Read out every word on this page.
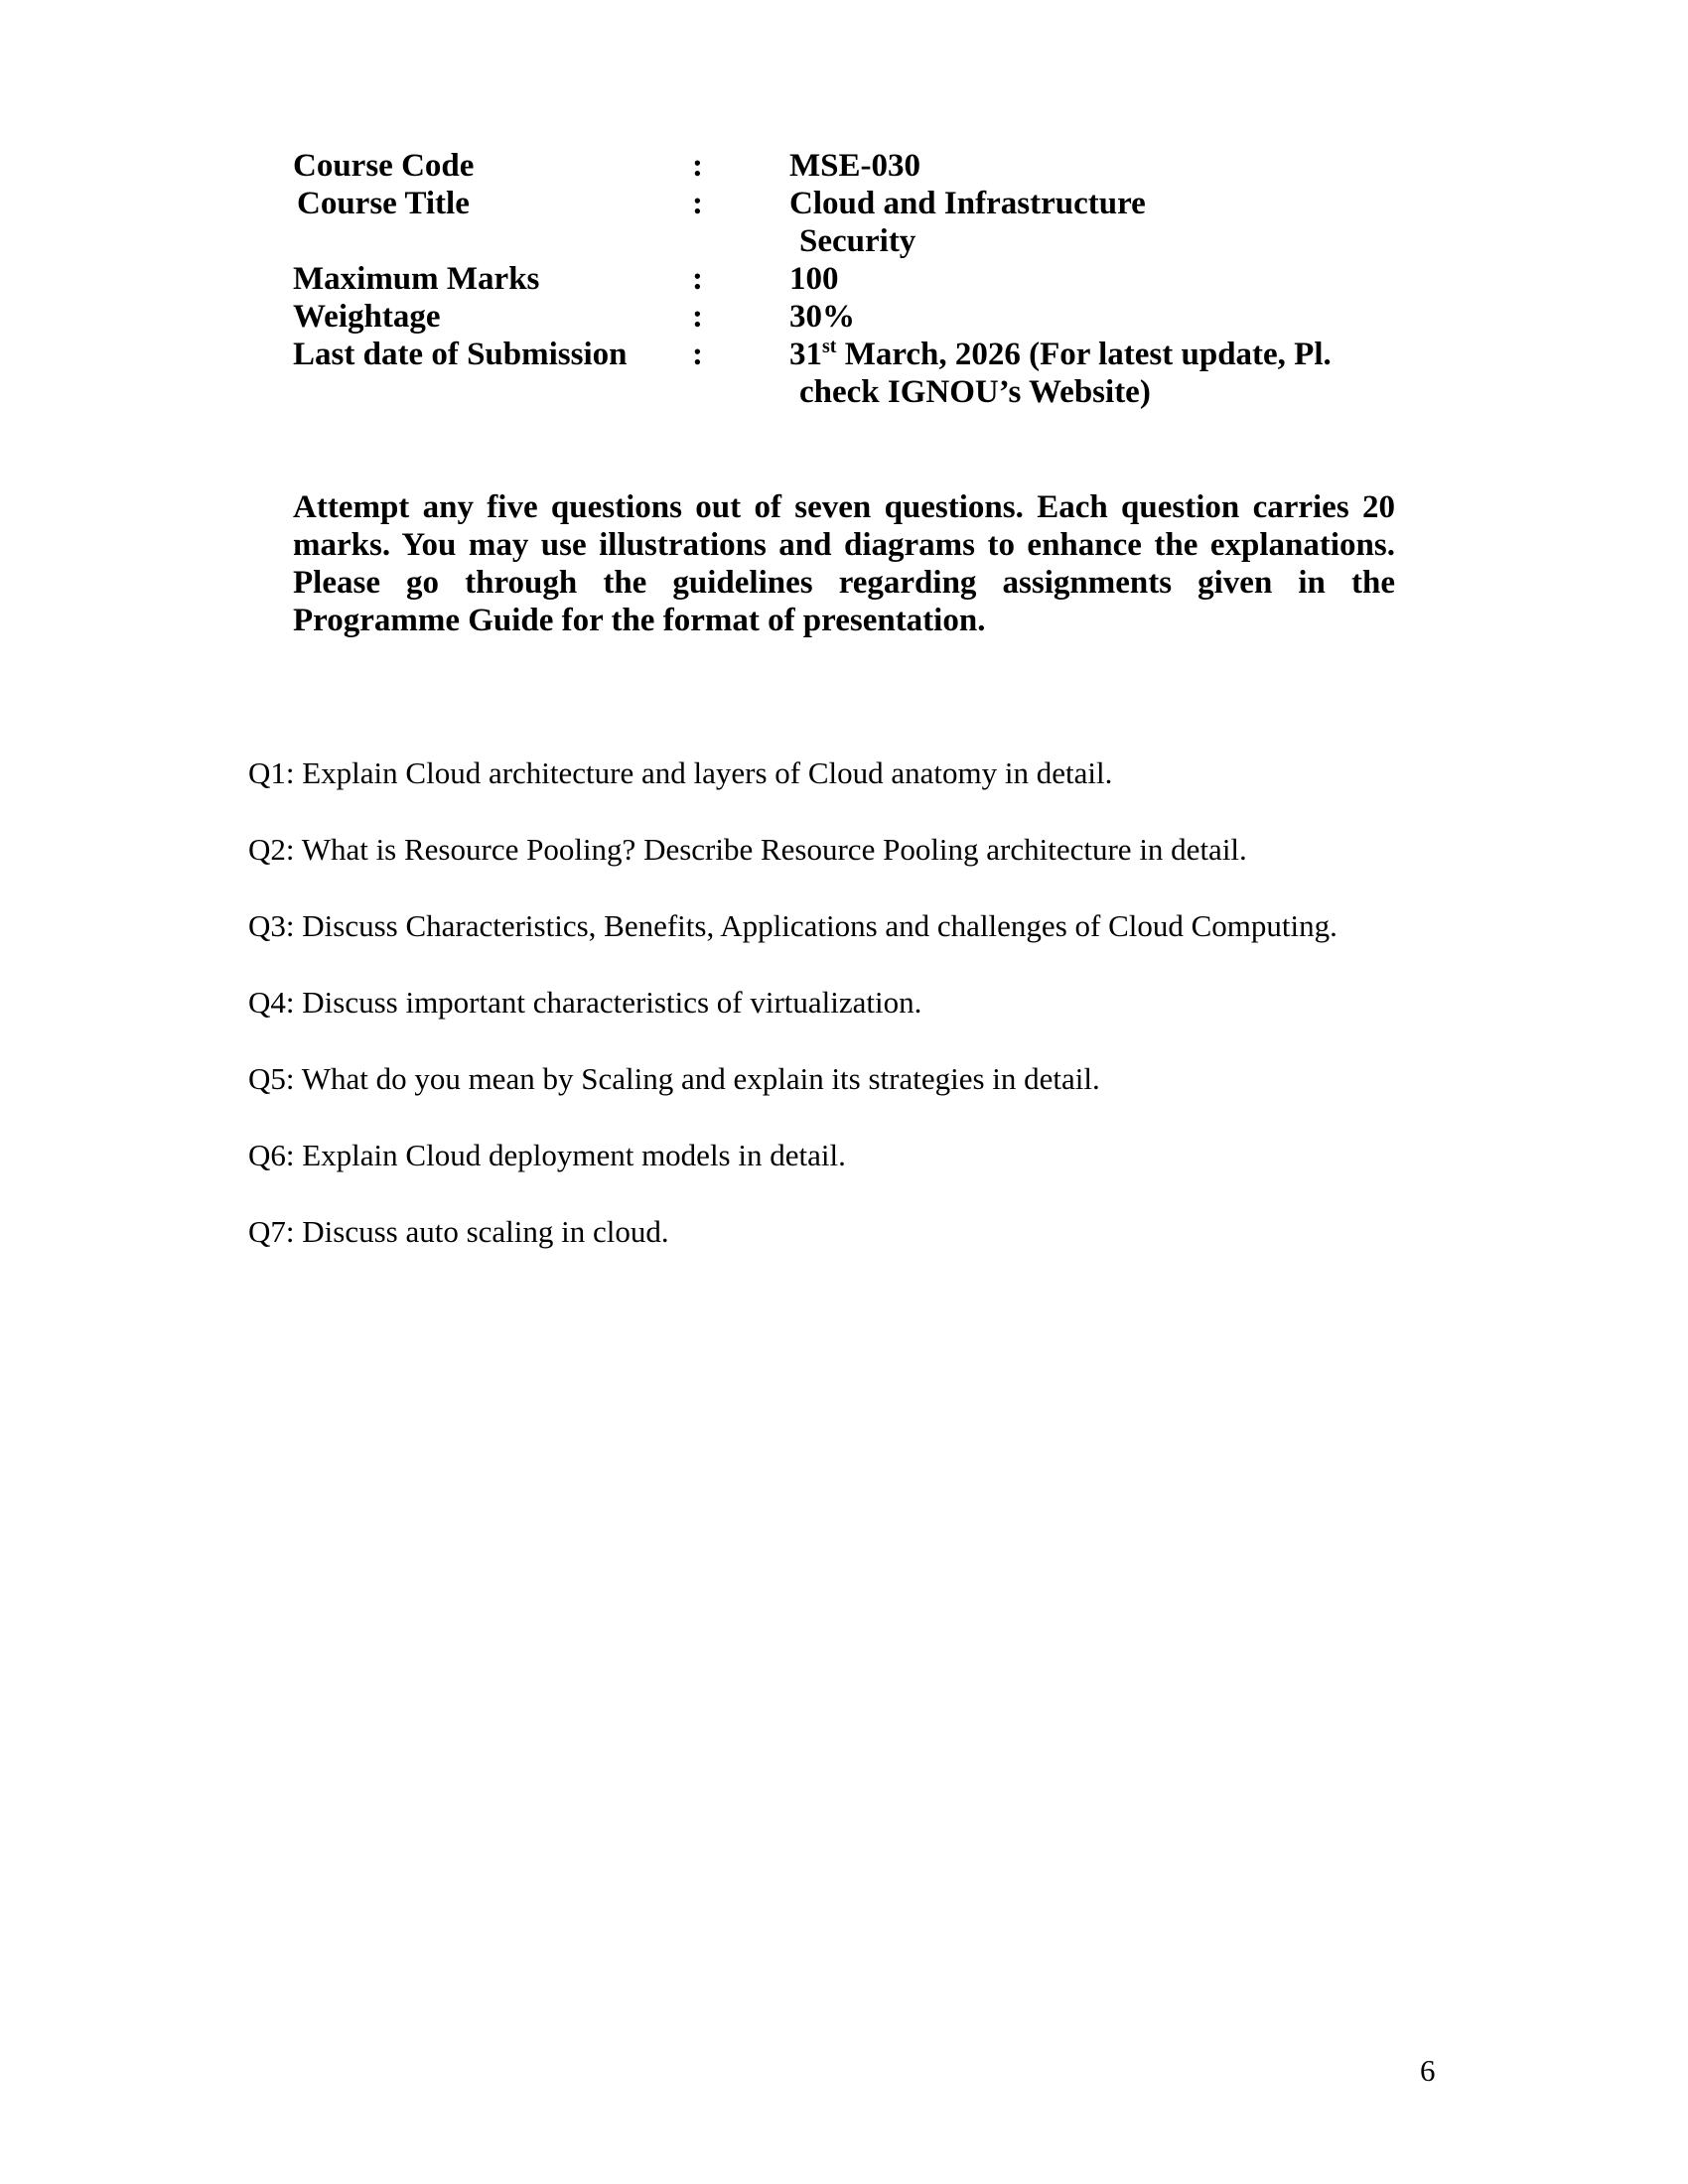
Course Code	:	MSE-030
Course Title	:	Cloud and Infrastructure
Security
Maximum Marks	:	100
Weightage	:	30%
Last date of Submission :	31st March, 2026 (For latest update, Pl.
check IGNOU’s Website)
Attempt any five questions out of seven questions. Each question carries 20 marks. You may use illustrations and diagrams to enhance the explanations. Please go through the guidelines regarding assignments given in the Programme Guide for the format of presentation.
Q1: Explain Cloud architecture and layers of Cloud anatomy in detail.
Q2: What is Resource Pooling? Describe Resource Pooling architecture in detail.
Q3: Discuss Characteristics, Benefits, Applications and challenges of Cloud Computing.
Q4: Discuss important characteristics of virtualization.
Q5: What do you mean by Scaling and explain its strategies in detail.
Q6: Explain Cloud deployment models in detail.
Q7: Discuss auto scaling in cloud.
6
